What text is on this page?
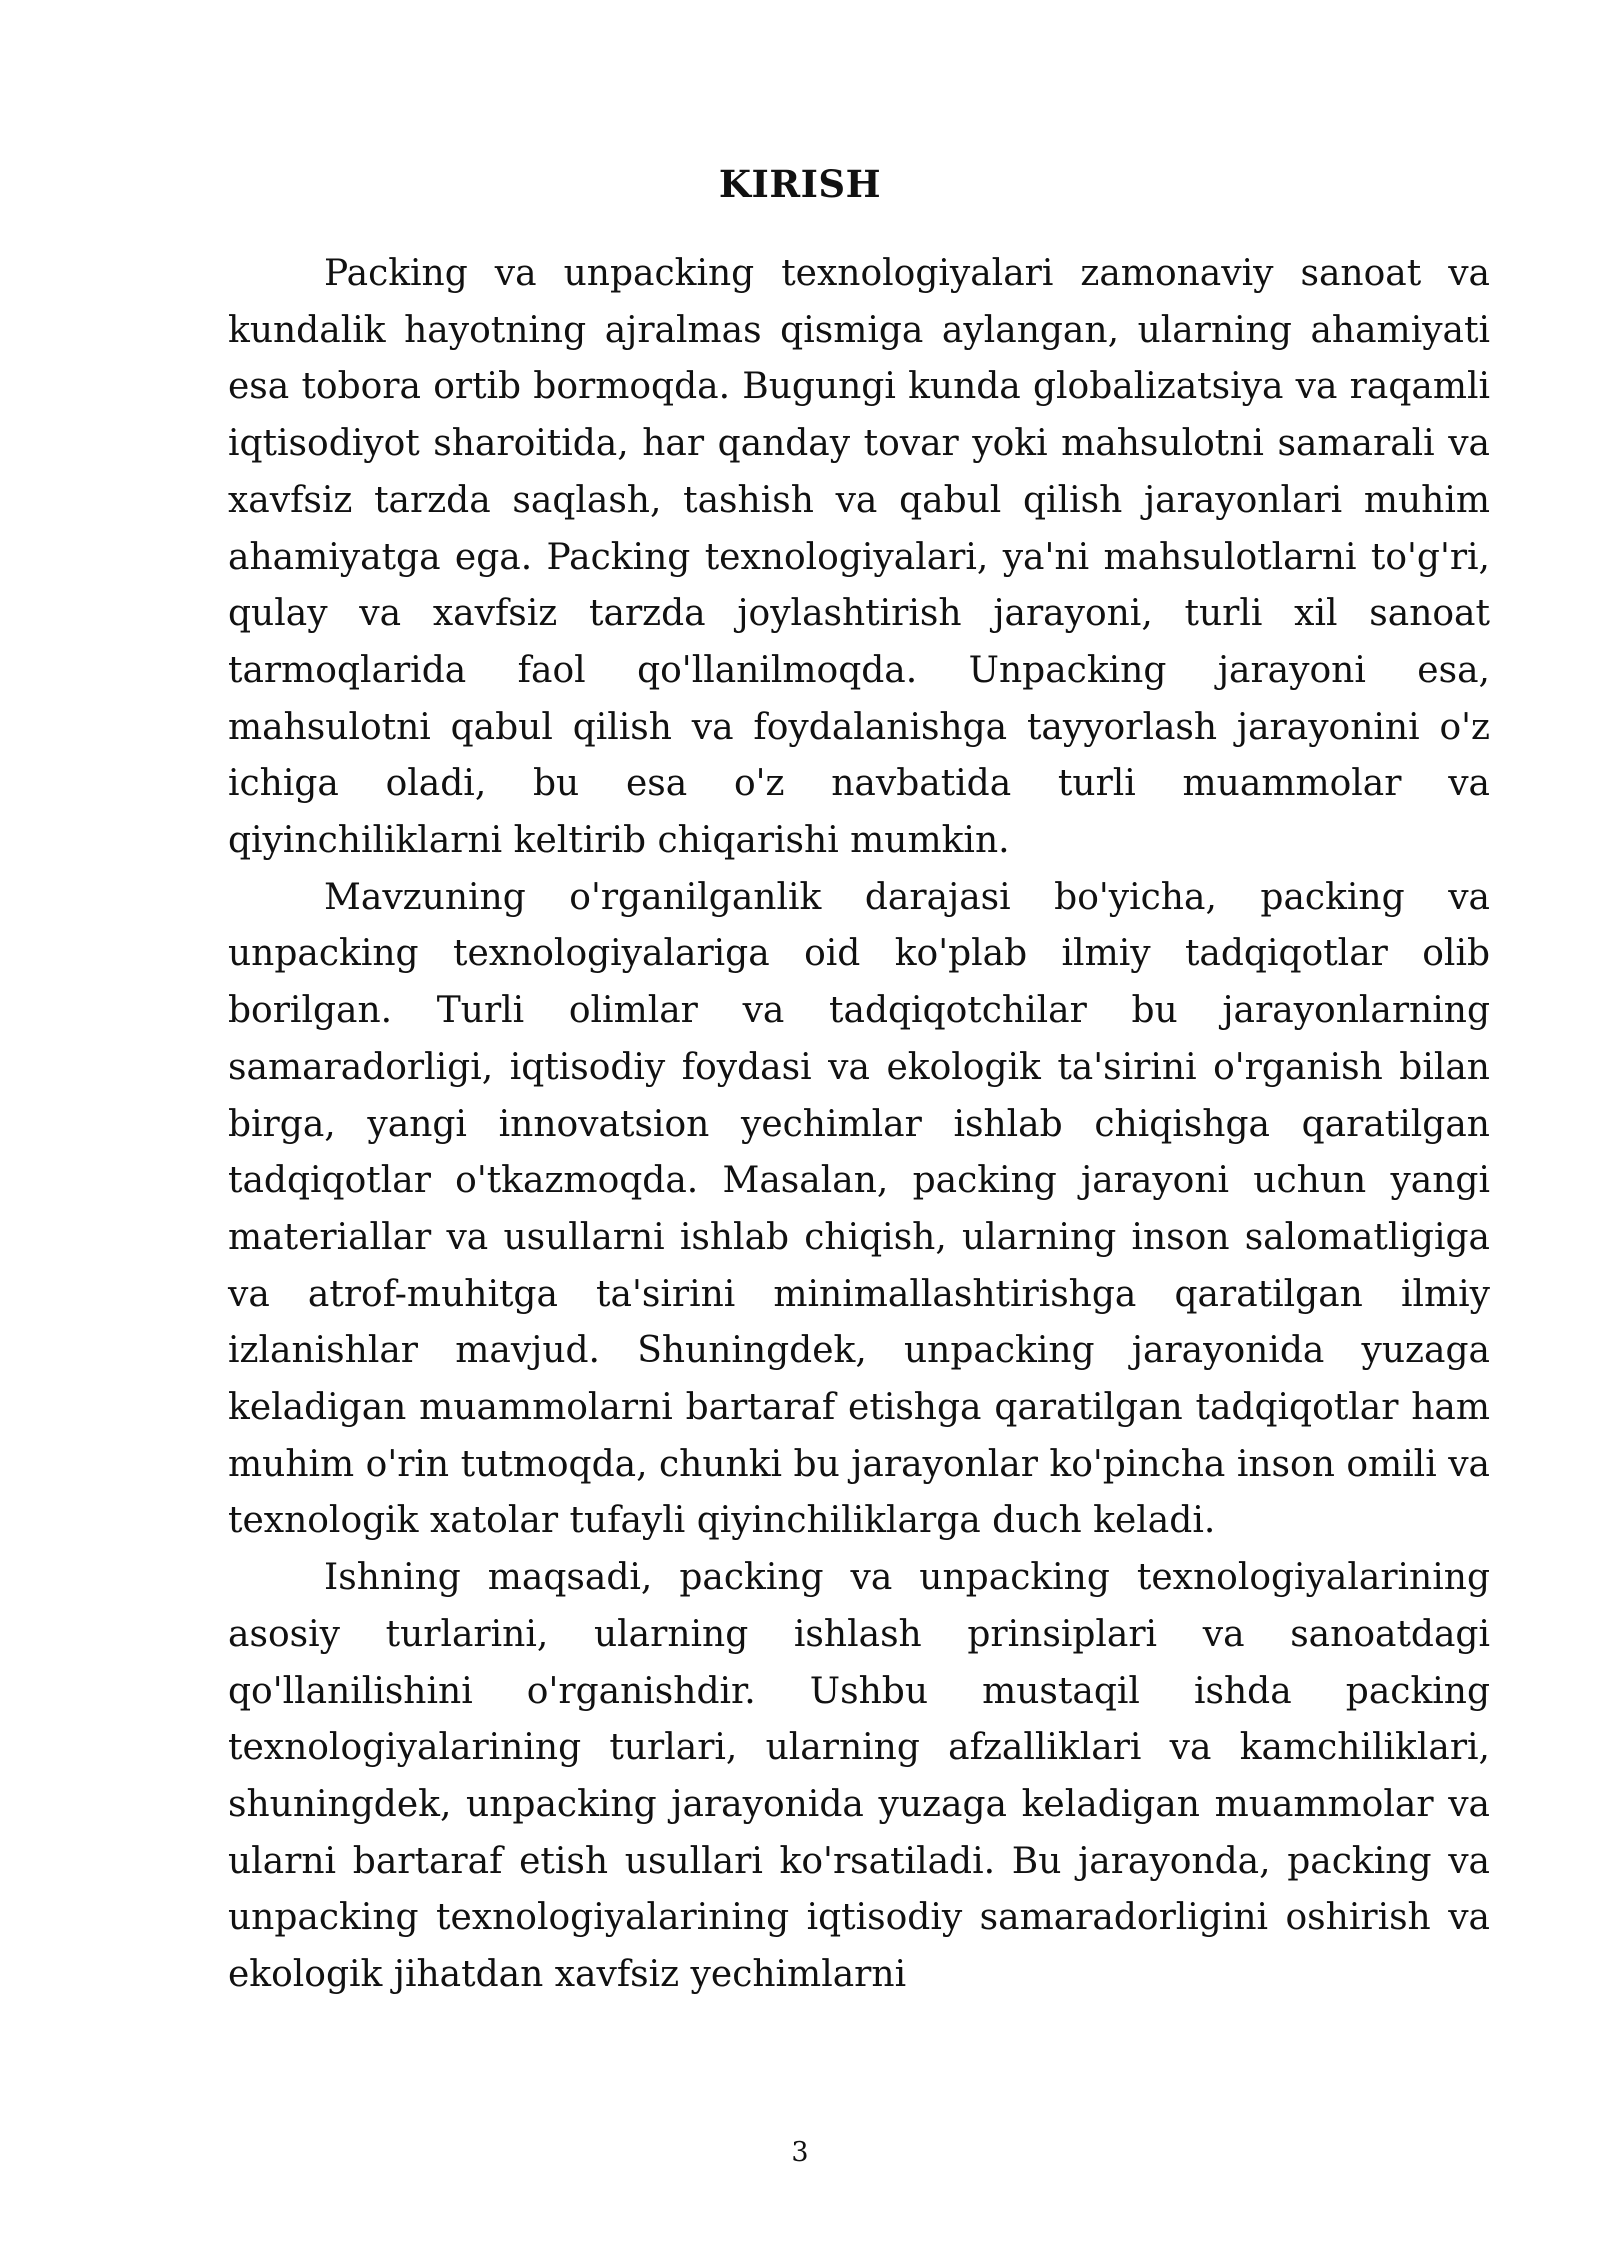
KIRISH

Packing va unpacking texnologiyalari zamonaviy sanoat va kundalik hayotning ajralmas qismiga aylangan, ularning ahamiyati esa tobora ortib bormoqda. Bugungi kunda globalizatsiya va raqamli iqtisodiyot sharoitida, har qanday tovar yoki mahsulotni samarali va xavfsiz tarzda saqlash, tashish va qabul qilish jarayonlari muhim ahamiyatga ega. Packing texnologiyalari, ya'ni mahsulotlarni to'g'ri, qulay va xavfsiz tarzda joylashtirish jarayoni, turli xil sanoat tarmoqlarida faol qo'llanilmoqda. Unpacking jarayoni esa, mahsulotni qabul qilish va foydalanishga tayyorlash jarayonini o'z ichiga oladi, bu esa o'z navbatida turli muammolar va qiyinchiliklarni keltirib chiqarishi mumkin.

Mavzuning o'rganilganlik darajasi bo'yicha, packing va unpacking texnologiyalariga oid ko'plab ilmiy tadqiqotlar olib borilgan. Turli olimlar va tadqiqotchilar bu jarayonlarning samaradorligi, iqtisodiy foydasi va ekologik ta'sirini o'rganish bilan birga, yangi innovatsion yechimlar ishlab chiqishga qaratilgan tadqiqotlar o'tkazmoqda. Masalan, packing jarayoni uchun yangi materiallar va usullarni ishlab chiqish, ularning inson salomatligiga va atrof-muhitga ta'sirini minimallashtirishga qaratilgan ilmiy izlanishlar mavjud. Shuningdek, unpacking jarayonida yuzaga keladigan muammolarni bartaraf etishga qaratilgan tadqiqotlar ham muhim o'rin tutmoqda, chunki bu jarayonlar ko'pincha inson omili va texnologik xatolar tufayli qiyinchiliklarga duch keladi.

Ishning maqsadi, packing va unpacking texnologiyalarining asosiy turlarini, ularning ishlash prinsiplari va sanoatdagi qo'llanilishini o'rganishdir. Ushbu mustaqil ishda packing texnologiyalarining turlari, ularning afzalliklari va kamchiliklari, shuningdek, unpacking jarayonida yuzaga keladigan muammolar va ularni bartaraf etish usullari ko'rsatiladi. Bu jarayonda, packing va unpacking texnologiyalarining iqtisodiy samaradorligini oshirish va ekologik jihatdan xavfsiz yechimlarni

3
